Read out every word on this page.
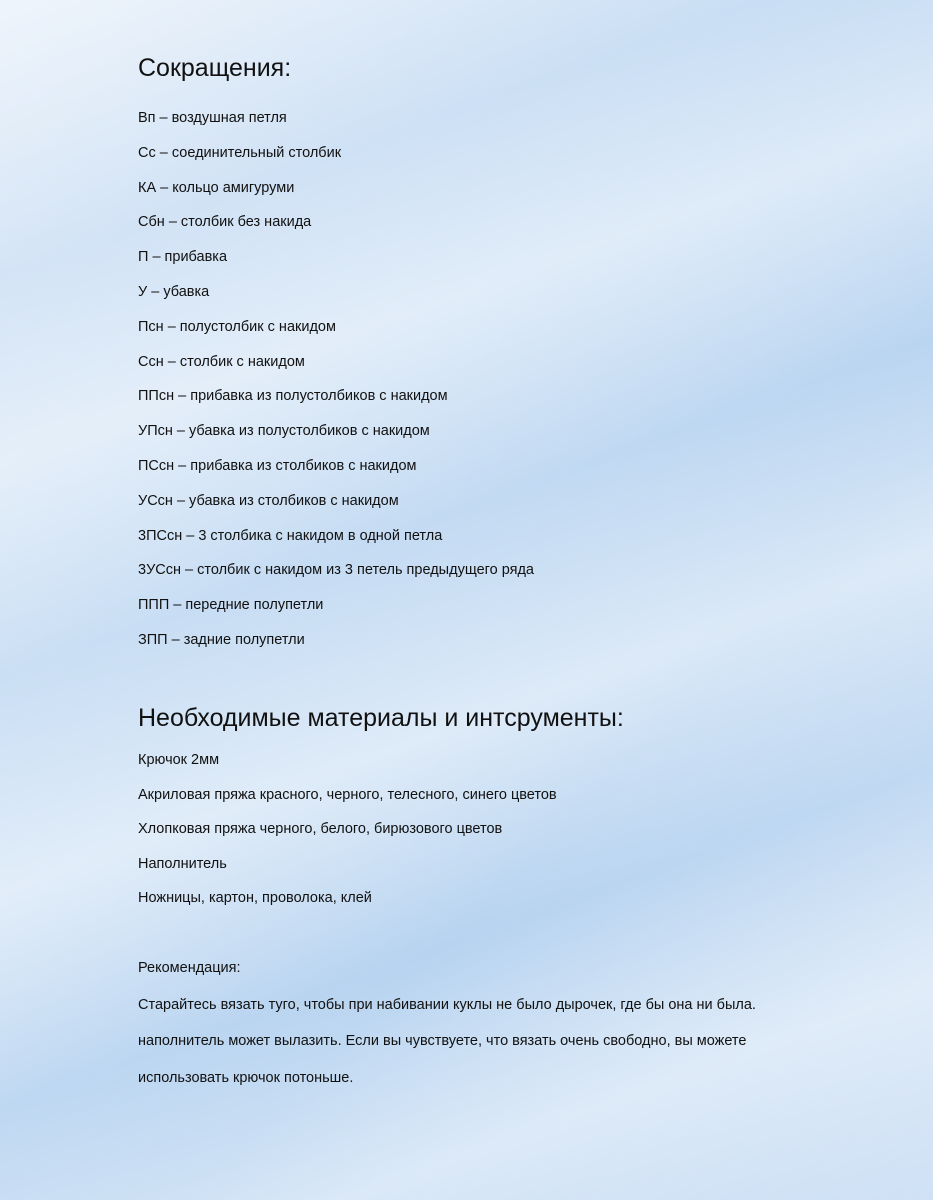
Сокращения:
Вп – воздушная петля
Сс – соединительный столбик
КА – кольцо амигуруми
Сбн – столбик без накида
П – прибавка
У – убавка
Псн – полустолбик с накидом
Ссн – столбик с накидом
ППсн – прибавка из полустолбиков с накидом
УПсн – убавка из полустолбиков с накидом
ПСсн – прибавка из столбиков с накидом
УСсн – убавка из столбиков с накидом
3ПСсн – 3 столбика с накидом в одной петла
3УСсн – столбик с накидом из 3 петель предыдущего ряда
ППП – передние полупетли
ЗПП – задние полупетли
Необходимые материалы и интсрументы:
Крючок 2мм
Акриловая пряжа красного, черного, телесного, синего цветов
Хлопковая пряжа черного, белого, бирюзового цветов
Наполнитель
Ножницы, картон, проволока, клей
Рекомендация:
Старайтесь вязать туго, чтобы при набивании куклы не было дырочек, где бы она ни была.
наполнитель может вылазить. Если вы чувствуете, что вязать очень свободно, вы можете
использовать крючок потоньше.
